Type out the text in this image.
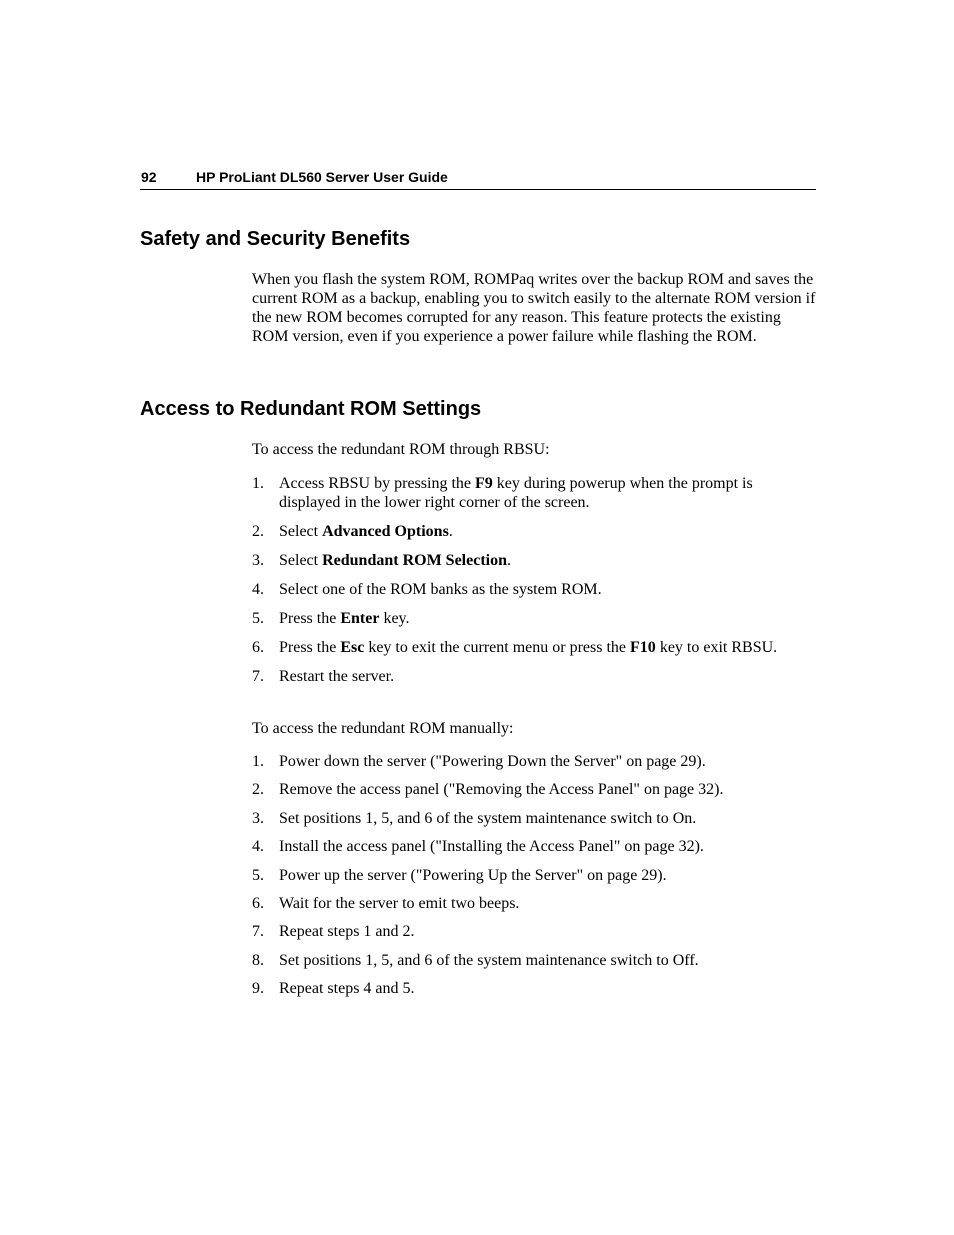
92	HP ProLiant DL560 Server User Guide
Safety and Security Benefits

When you flash the system ROM, ROMPaq writes over the backup ROM and saves the current ROM as a backup, enabling you to switch easily to the alternate ROM version if the new ROM becomes corrupted for any reason. This feature protects the existing ROM version, even if you experience a power failure while flashing the ROM.

Access to Redundant ROM Settings

To access the redundant ROM through RBSU:

1. Access RBSU by pressing the F9 key during powerup when the prompt is displayed in the lower right corner of the screen.
2. Select Advanced Options.
3. Select Redundant ROM Selection.
4. Select one of the ROM banks as the system ROM.
5. Press the Enter key.
6. Press the Esc key to exit the current menu or press the F10 key to exit RBSU.
7. Restart the server.

To access the redundant ROM manually:

1. Power down the server ("Powering Down the Server" on page 29).
2. Remove the access panel ("Removing the Access Panel" on page 32).
3. Set positions 1, 5, and 6 of the system maintenance switch to On.
4. Install the access panel ("Installing the Access Panel" on page 32).
5. Power up the server ("Powering Up the Server" on page 29).
6. Wait for the server to emit two beeps.
7. Repeat steps 1 and 2.
8. Set positions 1, 5, and 6 of the system maintenance switch to Off.
9. Repeat steps 4 and 5.
